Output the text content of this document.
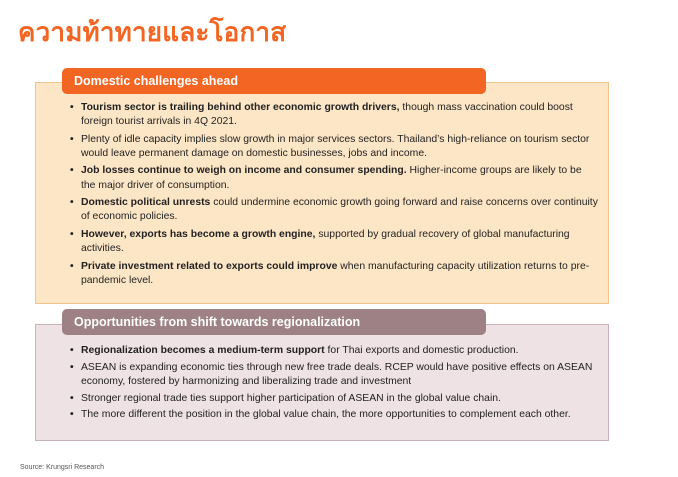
ความท้าทายและโอกาส
Domestic challenges ahead
• Tourism sector is trailing behind other economic growth drivers, though mass vaccination could boost foreign tourist arrivals in 4Q 2021.
• Plenty of idle capacity implies slow growth in major services sectors. Thailand’s high-reliance on tourism sector would leave permanent damage on domestic businesses, jobs and income.
• Job losses continue to weigh on income and consumer spending. Higher-income groups are likely to be the major driver of consumption.
• Domestic political unrests could undermine economic growth going forward and raise concerns over continuity of economic policies.
• However, exports has become a growth engine, supported by gradual recovery of global manufacturing activities.
• Private investment related to exports could improve when manufacturing capacity utilization returns to pre-pandemic level.
Opportunities from shift towards regionalization
• Regionalization becomes a medium-term support for Thai exports and domestic production.
• ASEAN is expanding economic ties through new free trade deals. RCEP would have positive effects on ASEAN economy, fostered by harmonizing and liberalizing trade and investment
• Stronger regional trade ties support higher participation of ASEAN in the global value chain.
• The more different the position in the global value chain, the more opportunities to complement each other.
Source: Krungsri Research
